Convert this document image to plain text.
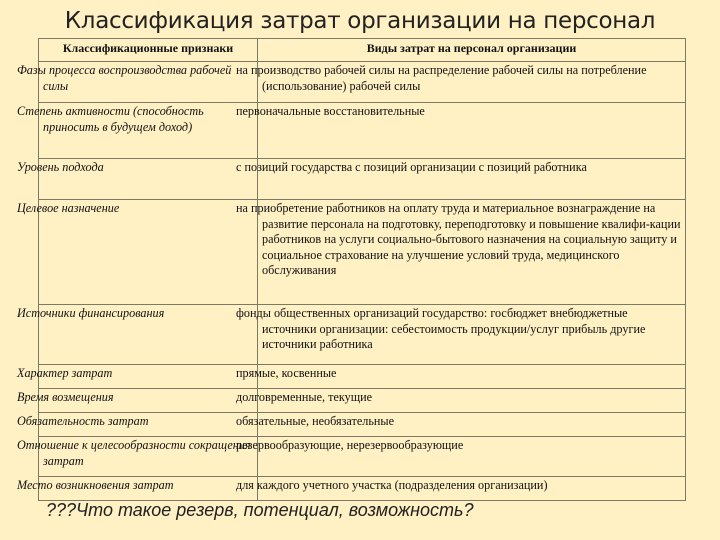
Классификация затрат организации на персонал
Классификационные признаки	Виды затрат на персонал организации
Фазы процесса воспроизводства рабочей силы	на производство рабочей силы на распределение рабочей силы на потребление (использование) рабочей силы
Степень активности (способность приносить в будущем доход)	первоначальные восстановительные
Уровень подхода	с позиций государства с позиций организации с позиций работника
Целевое назначение	на приобретение работников на оплату труда и материальное вознаграждение на развитие персонала на подготовку, переподготовку и повышение квалифи-кации работников на услуги социально-бытового назначения на социальную защиту и социальное страхование на улучшение условий труда, медицинского обслуживания
Источники финансирования	фонды общественных организаций государство: госбюджет внебюджетные источники организации: себестоимость продукции/услуг прибыль другие источники работника
Характер затрат	прямые, косвенные
Время возмещения	долговременные, текущие
Обязательность затрат	обязательные, необязательные
Отношение к целесообразности сокращения затрат	резервообразующие, нерезервообразующие
Место возникновения затрат	для каждого учетного участка (подразделения организации)
???Что такое резерв, потенциал, возможность?
